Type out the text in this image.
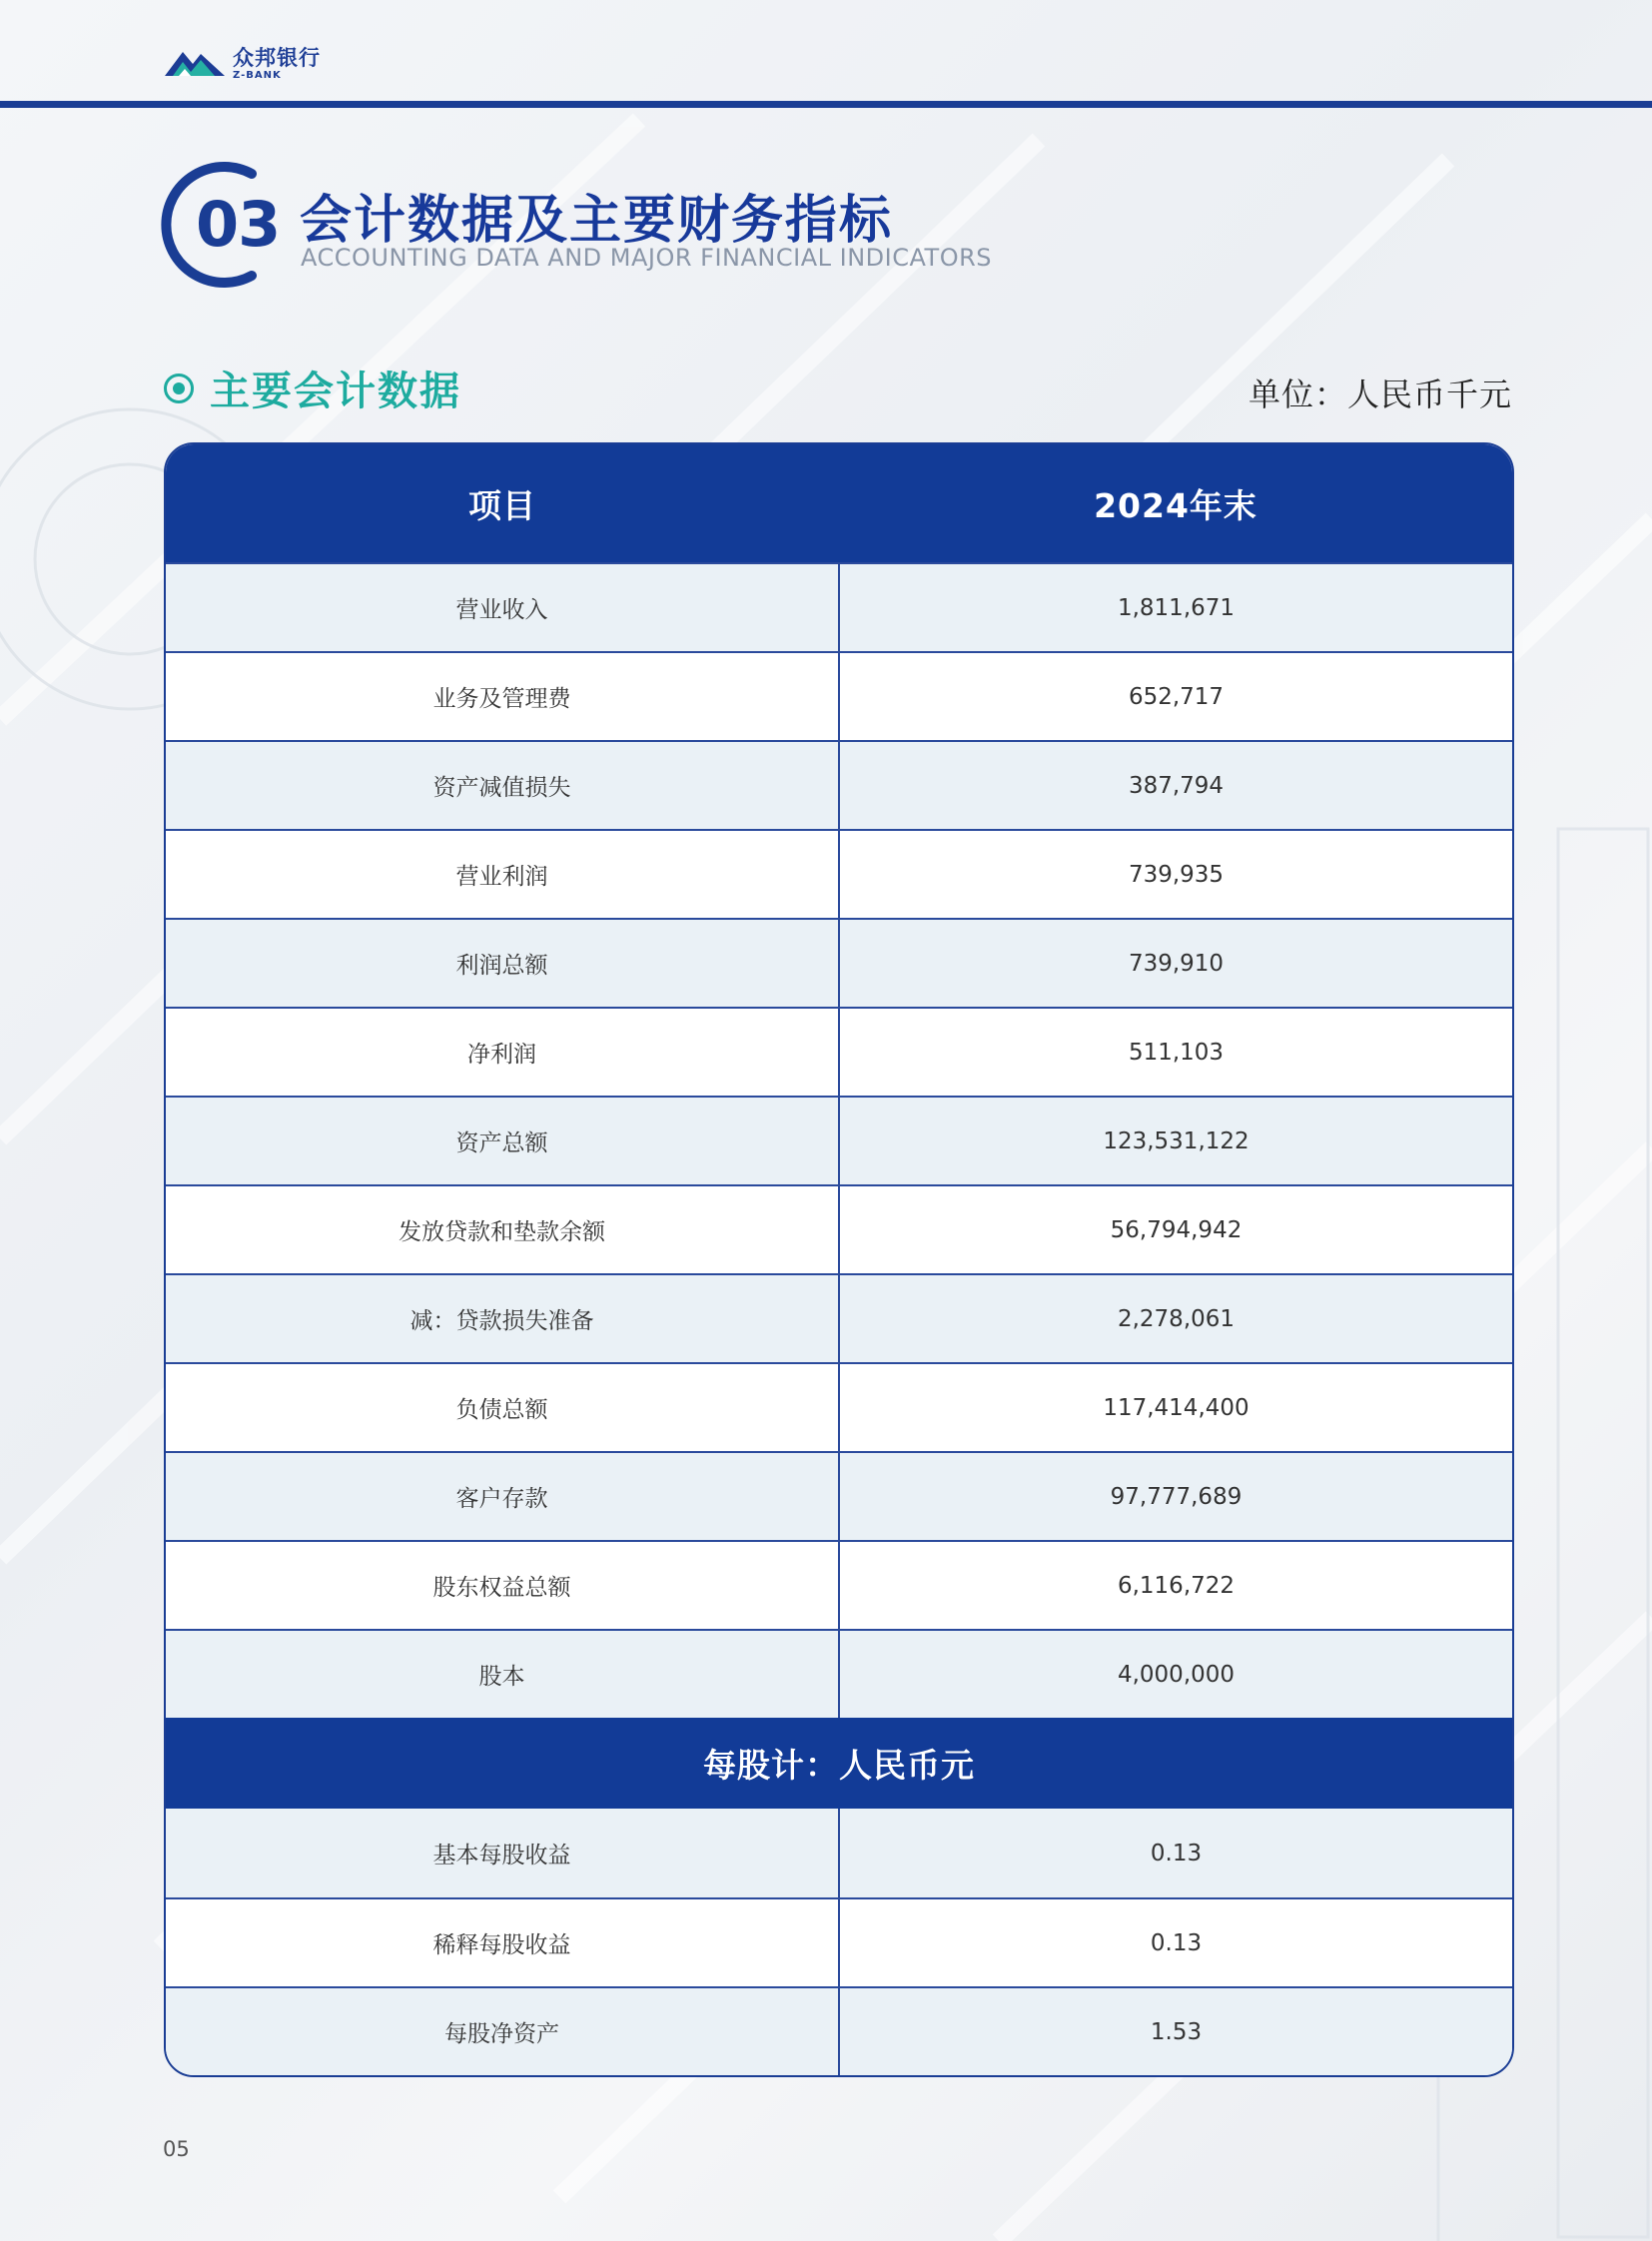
众邦银行
Z-BANK
03 会计数据及主要财务指标
ACCOUNTING DATA AND MAJOR FINANCIAL INDICATORS
主要会计数据	单位：人民币千元
项目	2024年末
营业收入	1,811,671
业务及管理费	652,717
资产减值损失	387,794
营业利润	739,935
利润总额	739,910
净利润	511,103
资产总额	123,531,122
发放贷款和垫款余额	56,794,942
减：贷款损失准备	2,278,061
负债总额	117,414,400
客户存款	97,777,689
股东权益总额	6,116,722
股本	4,000,000
每股计：人民币元
基本每股收益	0.13
稀释每股收益	0.13
每股净资产	1.53
05
